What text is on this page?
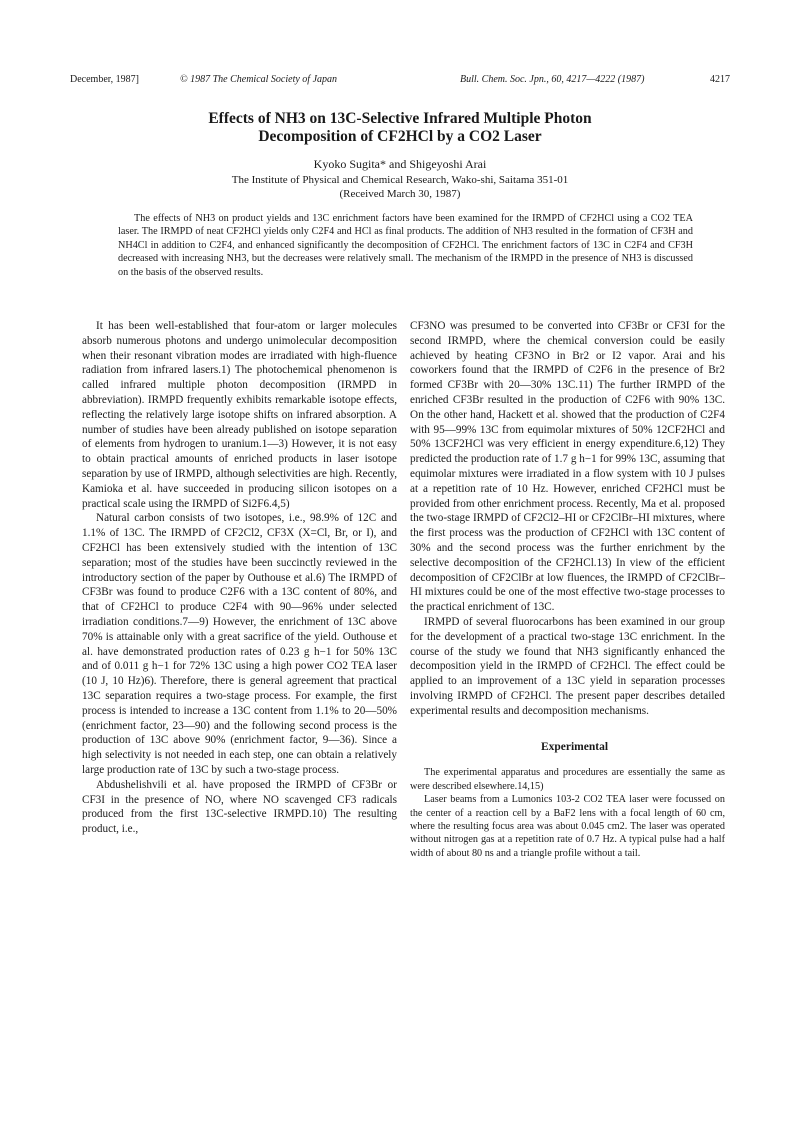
December, 1987]	© 1987 The Chemical Society of Japan	Bull. Chem. Soc. Jpn., 60, 4217—4222 (1987)	4217
Effects of NH3 on 13C-Selective Infrared Multiple Photon
Decomposition of CF2HCl by a CO2 Laser
Kyoko Sugita* and Shigeyoshi Arai
The Institute of Physical and Chemical Research, Wako-shi, Saitama 351-01
(Received March 30, 1987)
The effects of NH3 on product yields and 13C enrichment factors have been examined for the IRMPD of CF2HCl using a CO2 TEA laser. The IRMPD of neat CF2HCl yields only C2F4 and HCl as final products. The addition of NH3 resulted in the formation of CF3H and NH4Cl in addition to C2F4, and enhanced significantly the decomposition of CF2HCl. The enrichment factors of 13C in C2F4 and CF3H decreased with increasing NH3, but the decreases were relatively small. The mechanism of the IRMPD in the presence of NH3 is discussed on the basis of the observed results.

It has been well-established that four-atom or larger molecules absorb numerous photons and undergo unimolecular decomposition when their resonant vibration modes are irradiated with high-fluence radiation from infrared lasers.1) The photochemical phenomenon is called infrared multiple photon decomposition (IRMPD in abbreviation). IRMPD frequently exhibits remarkable isotope effects, reflecting the relatively large isotope shifts on infrared absorption. A number of studies have been already published on isotope separation of elements from hydrogen to uranium.1—3) However, it is not easy to obtain practical amounts of enriched products in laser isotope separation by use of IRMPD, although selectivities are high. Recently, Kamioka et al. have succeeded in producing silicon isotopes on a practical scale using the IRMPD of Si2F6.4,5)

Natural carbon consists of two isotopes, i.e., 98.9% of 12C and 1.1% of 13C. The IRMPD of CF2Cl2, CF3X (X=Cl, Br, or I), and CF2HCl has been extensively studied with the intention of 13C separation; most of the studies have been succinctly reviewed in the introductory section of the paper by Outhouse et al.6) The IRMPD of CF3Br was found to produce C2F6 with a 13C content of 80%, and that of CF2HCl to produce C2F4 with 90—96% under selected irradiation conditions.7—9) However, the enrichment of 13C above 70% is attainable only with a great sacrifice of the yield. Outhouse et al. have demonstrated production rates of 0.23 g h−1 for 50% 13C and of 0.011 g h−1 for 72% 13C using a high power CO2 TEA laser (10 J, 10 Hz)6). Therefore, there is general agreement that practical 13C separation requires a two-stage process. For example, the first process is intended to increase a 13C content from 1.1% to 20—50% (enrichment factor, 23—90) and the following second process is the production of 13C above 90% (enrichment factor, 9—36). Since a high selectivity is not needed in each step, one can obtain a relatively large production rate of 13C by such a two-stage process.

Abdushelishvili et al. have proposed the IRMPD of CF3Br or CF3I in the presence of NO, where NO scavenged CF3 radicals produced from the first 13C-selective IRMPD.10) The resulting product, i.e.,

CF3NO was presumed to be converted into CF3Br or CF3I for the second IRMPD, where the chemical conversion could be easily achieved by heating CF3NO in Br2 or I2 vapor. Arai and his coworkers found that the IRMPD of C2F6 in the presence of Br2 formed CF3Br with 20—30% 13C.11) The further IRMPD of the enriched CF3Br resulted in the production of C2F6 with 90% 13C. On the other hand, Hackett et al. showed that the production of C2F4 with 95—99% 13C from equimolar mixtures of 50% 12CF2HCl and 50% 13CF2HCl was very efficient in energy expenditure.6,12) They predicted the production rate of 1.7 g h−1 for 99% 13C, assuming that equimolar mixtures were irradiated in a flow system with 10 J pulses at a repetition rate of 10 Hz. However, enriched CF2HCl must be provided from other enrichment process. Recently, Ma et al. proposed the two-stage IRMPD of CF2Cl2–HI or CF2ClBr–HI mixtures, where the first process was the production of CF2HCl with 13C content of 30% and the second process was the further enrichment by the selective decomposition of the CF2HCl.13) In view of the efficient decomposition of CF2ClBr at low fluences, the IRMPD of CF2ClBr–HI mixtures could be one of the most effective two-stage processes to the practical enrichment of 13C.

IRMPD of several fluorocarbons has been examined in our group for the development of a practical two-stage 13C enrichment. In the course of the study we found that NH3 significantly enhanced the decomposition yield in the IRMPD of CF2HCl. The effect could be applied to an improvement of a 13C yield in separation processes involving IRMPD of CF2HCl. The present paper describes detailed experimental results and decomposition mechanisms.

Experimental

The experimental apparatus and procedures are essentially the same as were described elsewhere.14,15)

Laser beams from a Lumonics 103-2 CO2 TEA laser were focussed on the center of a reaction cell by a BaF2 lens with a focal length of 60 cm, where the resulting focus area was about 0.045 cm2. The laser was operated without nitrogen gas at a repetition rate of 0.7 Hz. A typical pulse had a half width of about 80 ns and a triangle profile without a tail.
